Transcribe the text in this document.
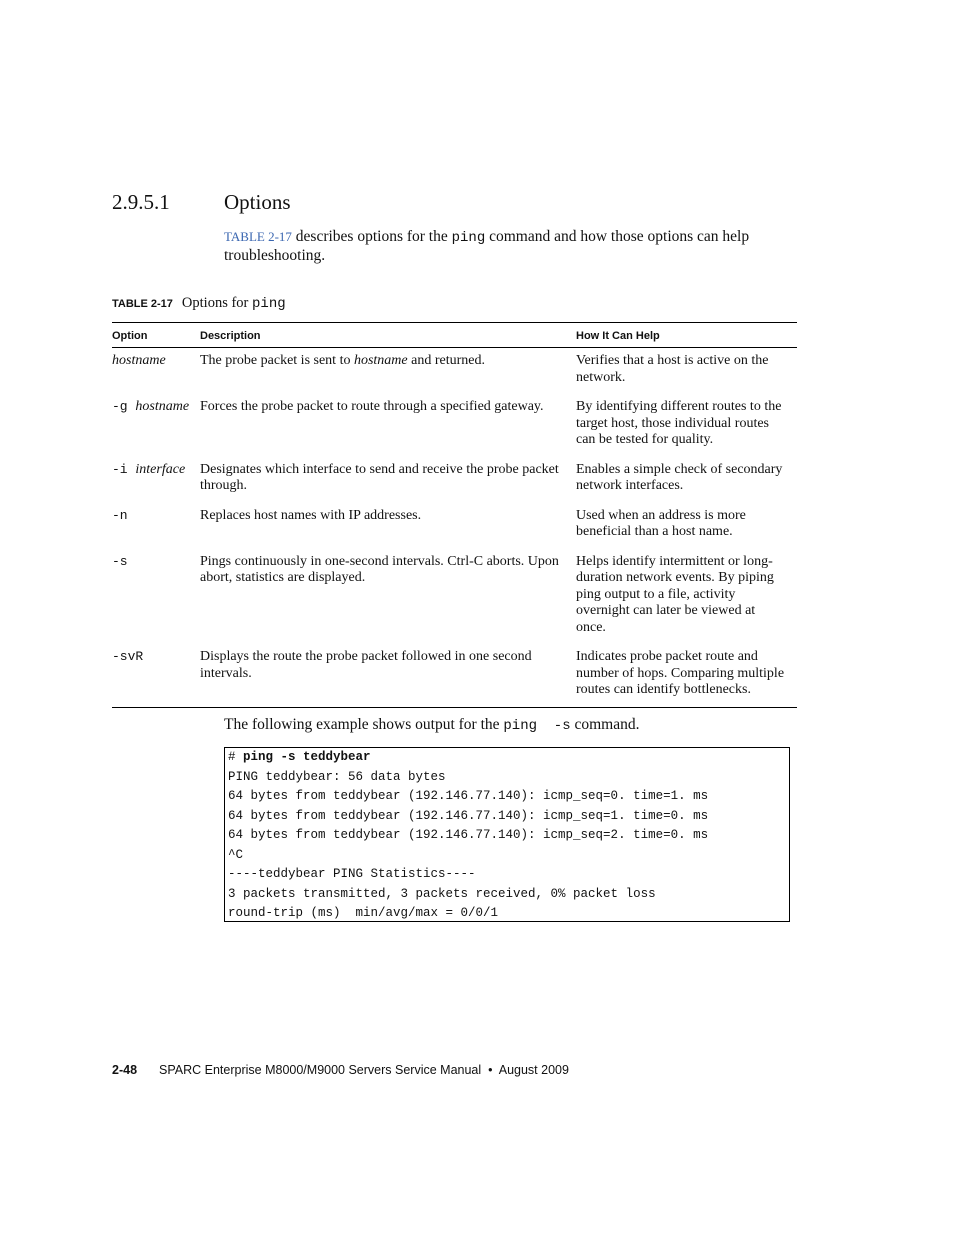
2.9.5.1	Options
TABLE 2-17 describes options for the ping command and how those options can help troubleshooting.
TABLE 2-17 Options for ping
Option	Description	How It Can Help
hostname	The probe packet is sent to hostname and returned.	Verifies that a host is active on the network.
-g hostname	Forces the probe packet to route through a specified gateway.	By identifying different routes to the target host, those individual routes can be tested for quality.
-i interface	Designates which interface to send and receive the probe packet through.	Enables a simple check of secondary network interfaces.
-n	Replaces host names with IP addresses.	Used when an address is more beneficial than a host name.
-s	Pings continuously in one-second intervals. Ctrl-C aborts. Upon abort, statistics are displayed.	Helps identify intermittent or long-duration network events. By piping ping output to a file, activity overnight can later be viewed at once.
-svR	Displays the route the probe packet followed in one second intervals.	Indicates probe packet route and number of hops. Comparing multiple routes can identify bottlenecks.
The following example shows output for the ping  -s command.
# ping -s teddybear
PING teddybear: 56 data bytes
64 bytes from teddybear (192.146.77.140): icmp_seq=0. time=1. ms
64 bytes from teddybear (192.146.77.140): icmp_seq=1. time=0. ms
64 bytes from teddybear (192.146.77.140): icmp_seq=2. time=0. ms
^C
----teddybear PING Statistics----
3 packets transmitted, 3 packets received, 0% packet loss
round-trip (ms)  min/avg/max = 0/0/1
2-48 SPARC Enterprise M8000/M9000 Servers Service Manual  •  August 2009
